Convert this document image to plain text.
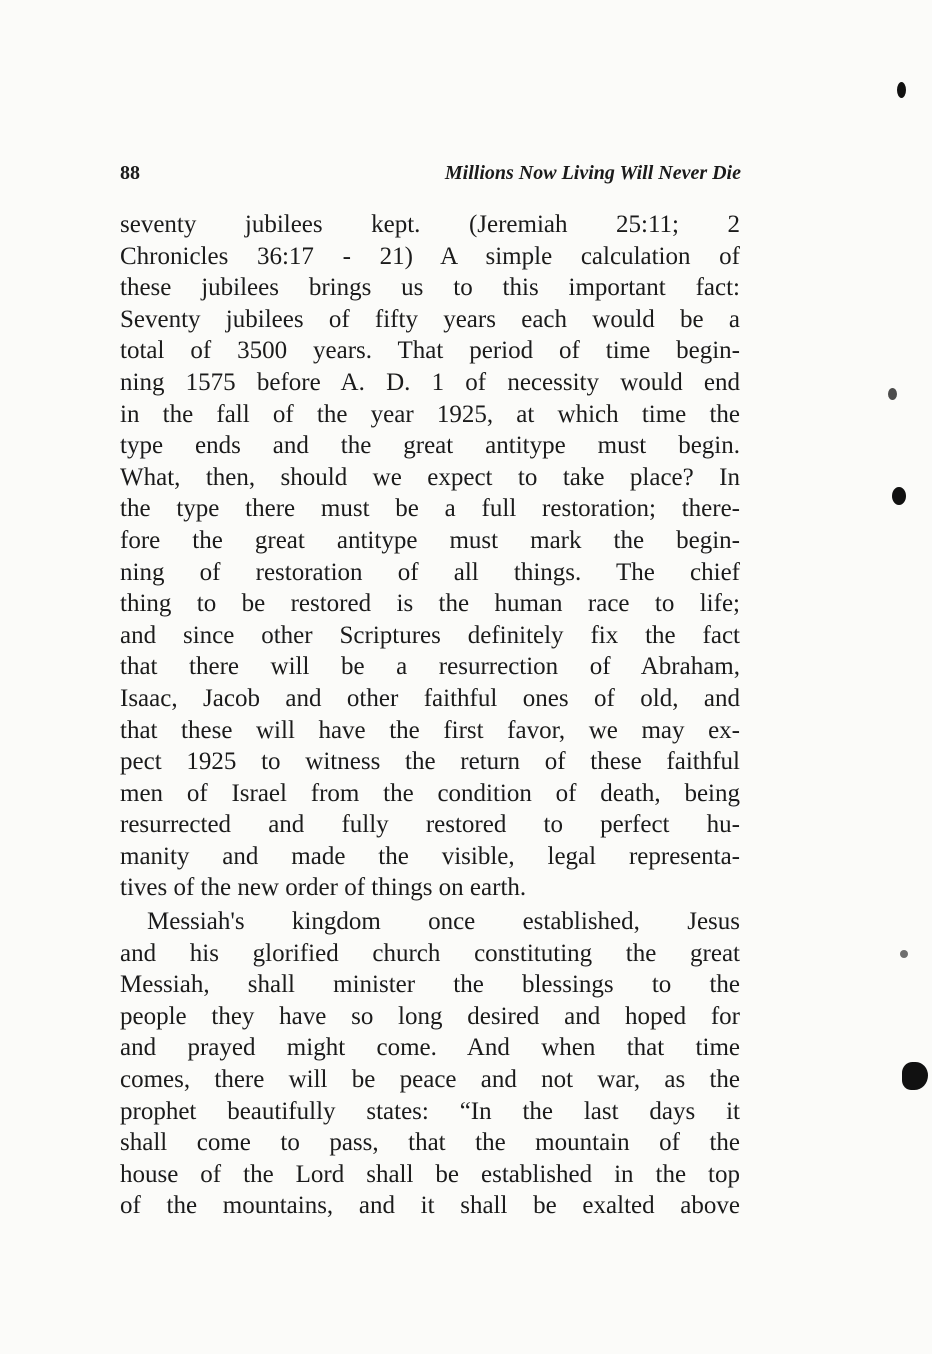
88	Millions Now Living Will Never Die
seventy jubilees kept. (Jeremiah 25:11; 2
Chronicles 36:17 - 21) A simple calculation of
these jubilees brings us to this important fact:
Seventy jubilees of fifty years each would be a
total of 3500 years. That period of time begin-
ning 1575 before A. D. 1 of necessity would end
in the fall of the year 1925, at which time the
type ends and the great antitype must begin.
What, then, should we expect to take place? In
the type there must be a full restoration; there-
fore the great antitype must mark the begin-
ning of restoration of all things. The chief
thing to be restored is the human race to life;
and since other Scriptures definitely fix the fact
that there will be a resurrection of Abraham,
Isaac, Jacob and other faithful ones of old, and
that these will have the first favor, we may ex-
pect 1925 to witness the return of these faithful
men of Israel from the condition of death, being
resurrected and fully restored to perfect hu-
manity and made the visible, legal representa-
tives of the new order of things on earth.
Messiah's kingdom once established, Jesus
and his glorified church constituting the great
Messiah, shall minister the blessings to the
people they have so long desired and hoped for
and prayed might come. And when that time
comes, there will be peace and not war, as the
prophet beautifully states: “In the last days it
shall come to pass, that the mountain of the
house of the Lord shall be established in the top
of the mountains, and it shall be exalted above
